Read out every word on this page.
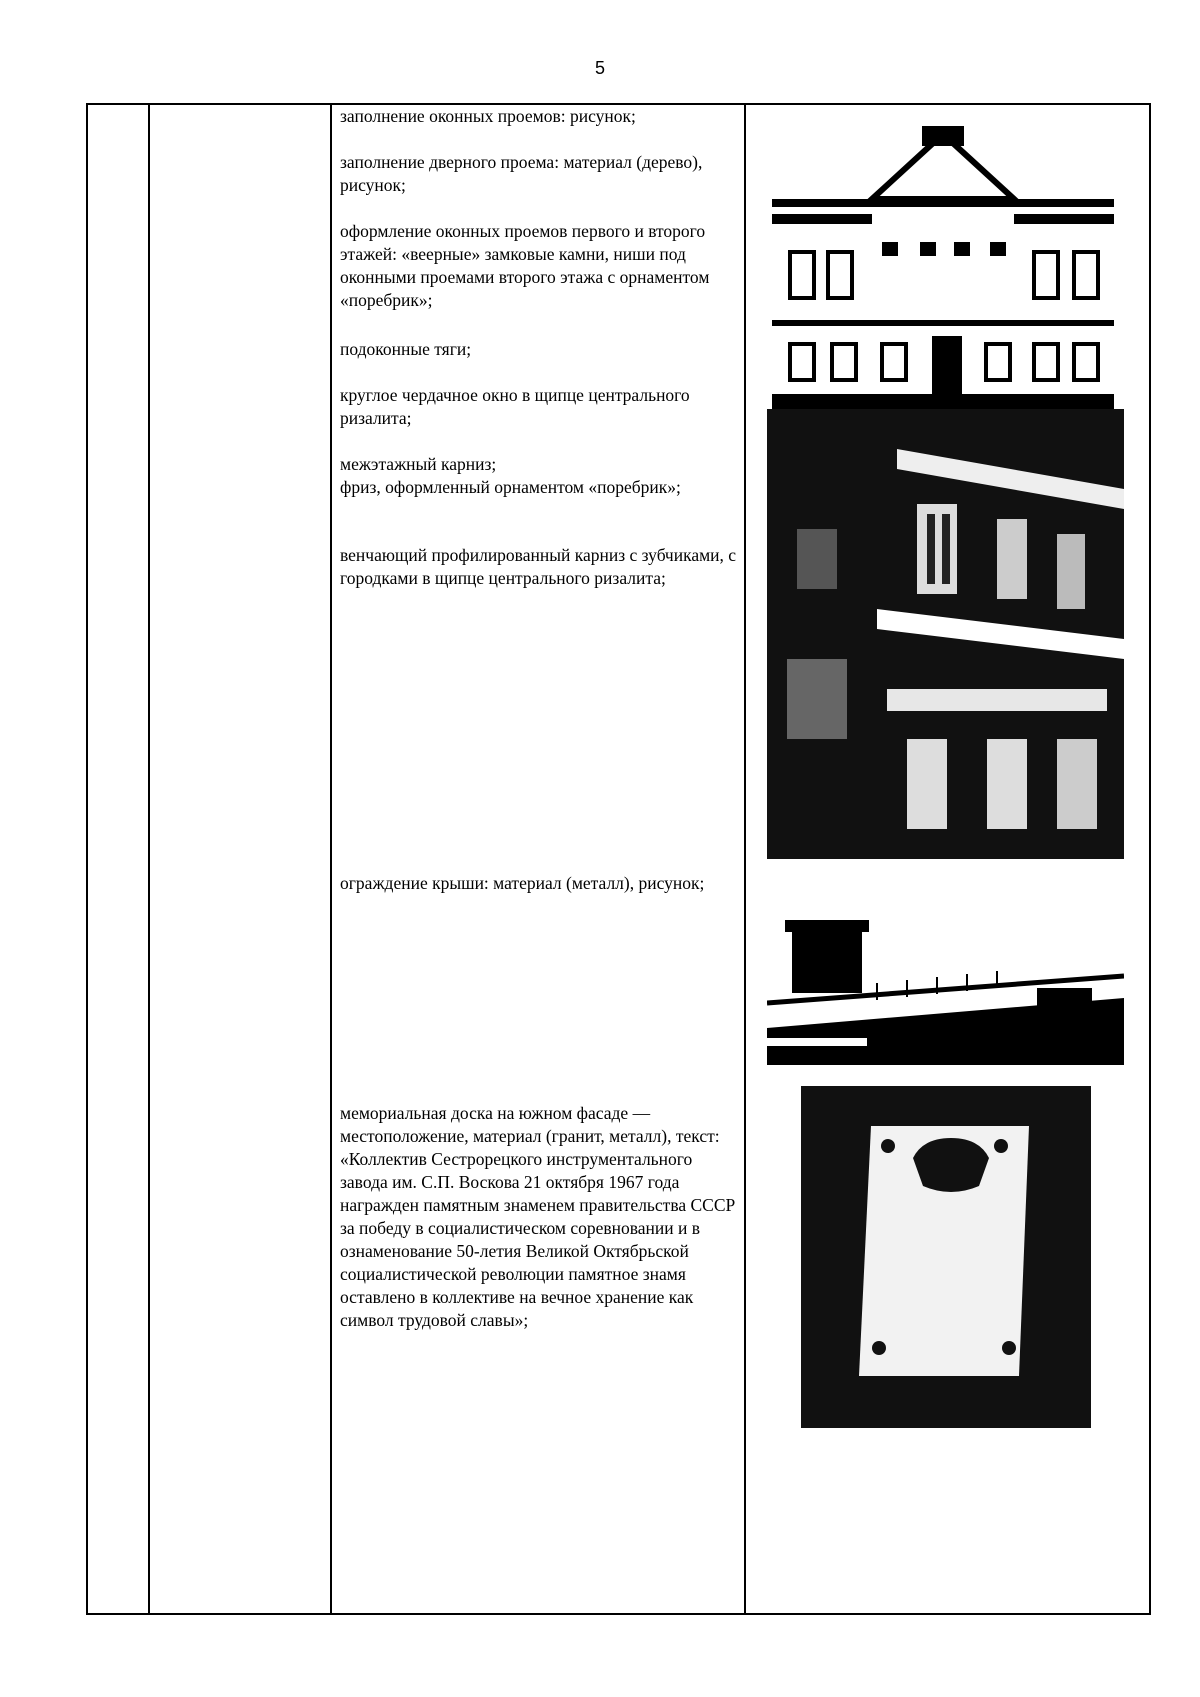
5

заполнение оконных проемов: рисунок;

заполнение дверного проема: материал (дерево), рисунок;

оформление оконных проемов первого и второго этажей: «веерные» замковые камни, ниши под оконными проемами второго этажа с орнаментом «поребрик»;

подоконные тяги;

круглое чердачное окно в щипце центрального ризалита;

межэтажный карниз;

фриз, оформленный орнаментом «поребрик»;

венчающий профилированный карниз с зубчиками, с городками в щипце центрального ризалита;

ограждение крыши: материал (металл), рисунок;

мемориальная доска на южном фасаде — местоположение, материал (гранит, металл), текст: «Коллектив Сестрорецкого инструментального завода им. С.П. Воскова 21 октября 1967 года награжден памятным знаменем правительства СССР за победу в социалистическом соревновании и в ознаменование 50-летия Великой Октябрьской социалистической революции памятное знамя оставлено в коллективе на вечное хранение как символ трудовой славы»;
